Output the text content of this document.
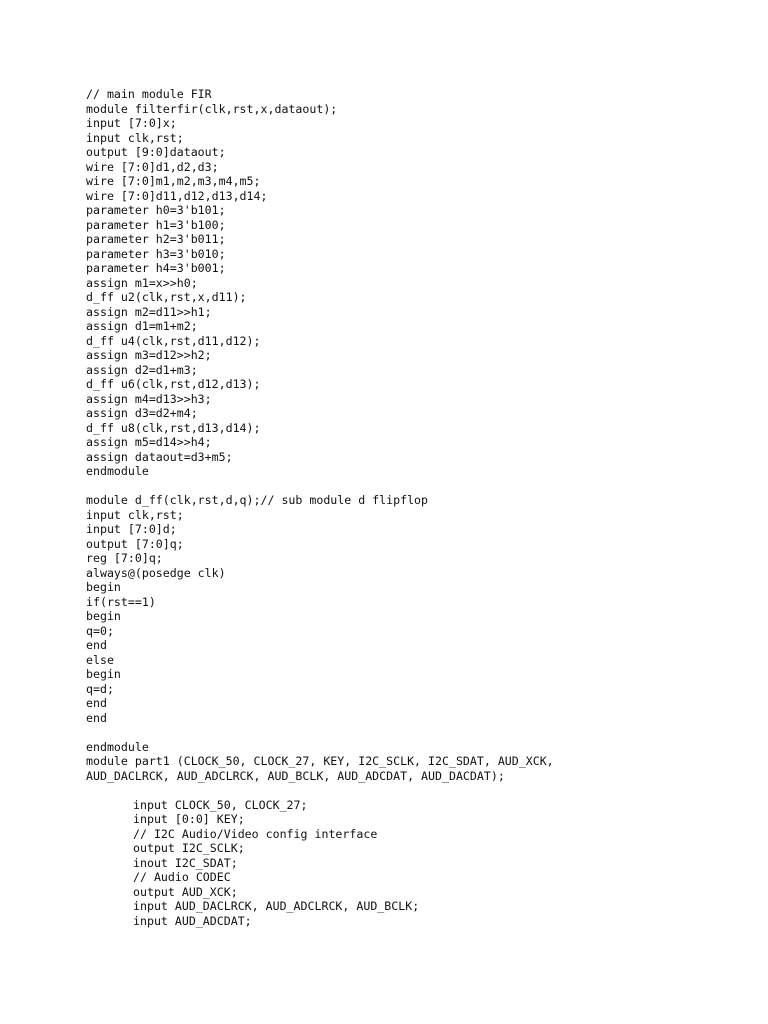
// main module FIR
module filterfir(clk,rst,x,dataout);
input [7:0]x;
input clk,rst;
output [9:0]dataout;
wire [7:0]d1,d2,d3;
wire [7:0]m1,m2,m3,m4,m5;
wire [7:0]d11,d12,d13,d14;
parameter h0=3'b101;
parameter h1=3'b100;
parameter h2=3'b011;
parameter h3=3'b010;
parameter h4=3'b001;
assign m1=x>>h0;
d_ff u2(clk,rst,x,d11);
assign m2=d11>>h1;
assign d1=m1+m2;
d_ff u4(clk,rst,d11,d12);
assign m3=d12>>h2;
assign d2=d1+m3;
d_ff u6(clk,rst,d12,d13);
assign m4=d13>>h3;
assign d3=d2+m4;
d_ff u8(clk,rst,d13,d14);
assign m5=d14>>h4;
assign dataout=d3+m5;
endmodule
module d_ff(clk,rst,d,q);// sub module d flipflop
input clk,rst;
input [7:0]d;
output [7:0]q;
reg [7:0]q;
always@(posedge clk)
begin
if(rst==1)
begin
q=0;
end
else
begin
q=d;
end
end
endmodule
module part1 (CLOCK_50, CLOCK_27, KEY, I2C_SCLK, I2C_SDAT, AUD_XCK,
AUD_DACLRCK, AUD_ADCLRCK, AUD_BCLK, AUD_ADCDAT, AUD_DACDAT);
input CLOCK_50, CLOCK_27;
input [0:0] KEY;
// I2C Audio/Video config interface
output I2C_SCLK;
inout I2C_SDAT;
// Audio CODEC
output AUD_XCK;
input AUD_DACLRCK, AUD_ADCLRCK, AUD_BCLK;
input AUD_ADCDAT;
